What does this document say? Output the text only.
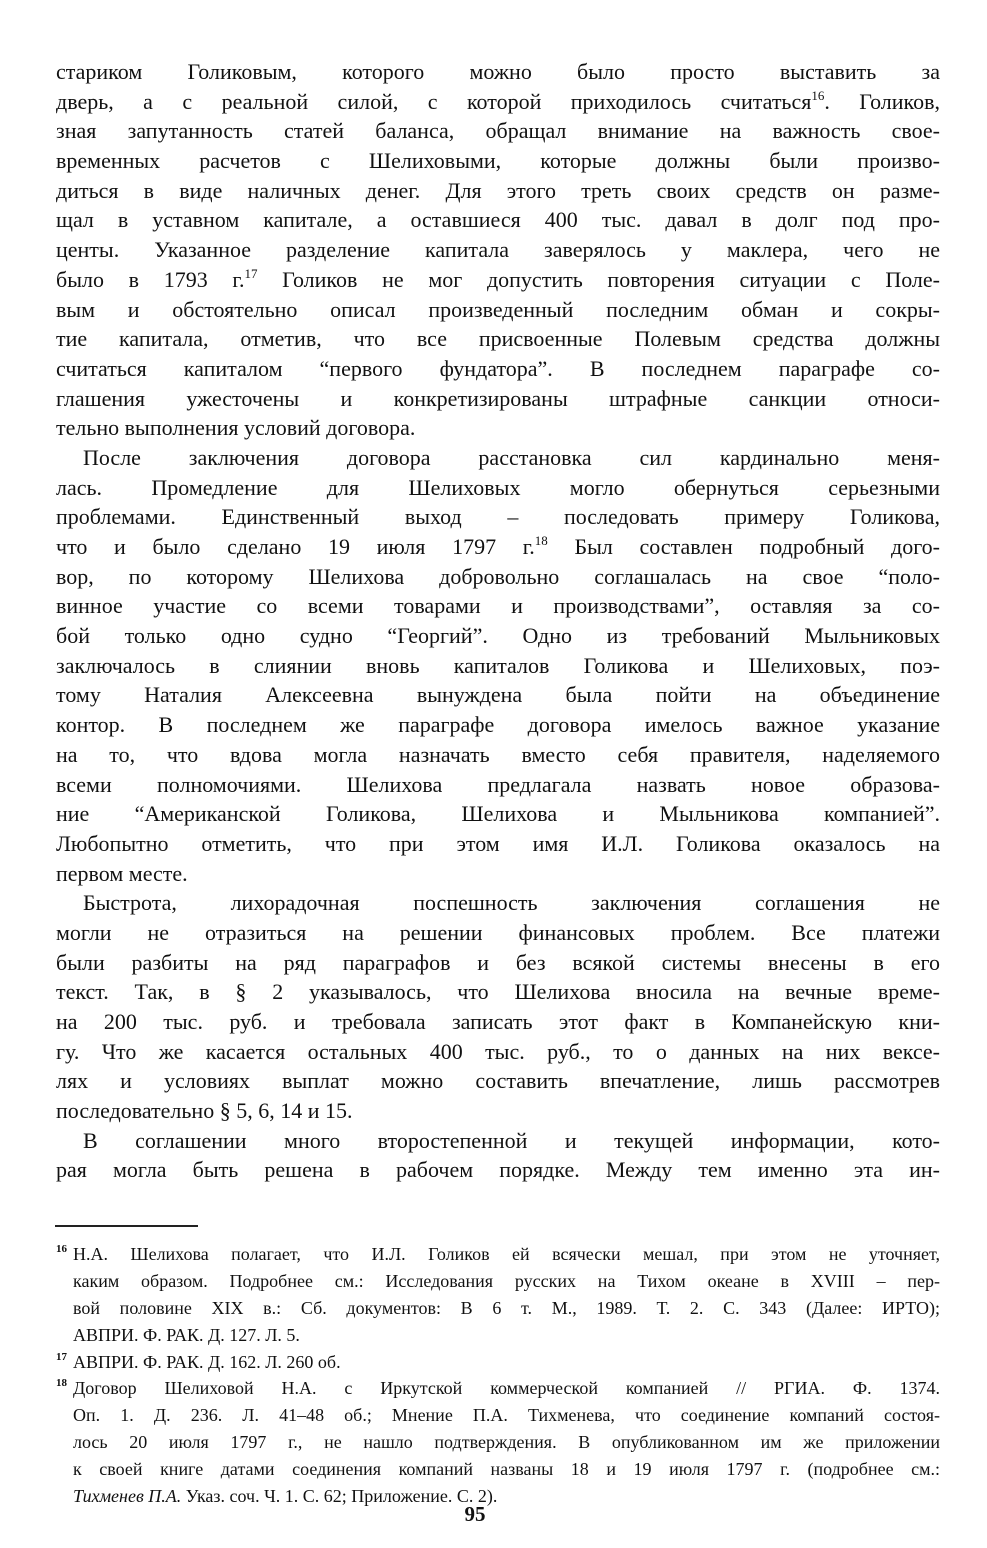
стариком Голиковым, которого можно было просто выставить за
дверь, а с реальной силой, с которой приходилось считаться$^{16}$. Голиков,
зная запутанность статей баланса, обращал внимание на важность свое-
временных расчетов с Шелиховыми, которые должны были произво-
диться в виде наличных денег. Для этого треть своих средств он разме-
щал в уставном капитале, а оставшиеся 400 тыс. давал в долг под про-
центы. Указанное разделение капитала заверялось у маклера, чего не
было в 1793 г.$^{17}$ Голиков не мог допустить повторения ситуации с Поле-
вым и обстоятельно описал произведенный последним обман и сокры-
тие капитала, отметив, что все присвоенные Полевым средства должны
считаться капиталом “первого фундатора”. В последнем параграфе со-
глашения ужесточены и конкретизированы штрафные санкции относи-
тельно выполнения условий договора.
После заключения договора расстановка сил кардинально меня-
лась. Промедление для Шелиховых могло обернуться серьезными
проблемами. Единственный выход – последовать примеру Голикова,
что и было сделано 19 июля 1797 г.$^{18}$ Был составлен подробный дого-
вор, по которому Шелихова добровольно соглашалась на свое “поло-
винное участие со всеми товарами и производствами”, оставляя за со-
бой только одно судно “Георгий”. Одно из требований Мыльниковых
заключалось в слиянии вновь капиталов Голикова и Шелиховых, поэ-
тому Наталия Алексеевна вынуждена была пойти на объединение
контор. В последнем же параграфе договора имелось важное указание
на то, что вдова могла назначать вместо себя правителя, наделяемого
всеми полномочиями. Шелихова предлагала назвать новое образова-
ние “Американской Голикова, Шелихова и Мыльникова компанией”.
Любопытно отметить, что при этом имя И.Л. Голикова оказалось на
первом месте.
Быстрота, лихорадочная поспешность заключения соглашения не
могли не отразиться на решении финансовых проблем. Все платежи
были разбиты на ряд параграфов и без всякой системы внесены в его
текст. Так, в § 2 указывалось, что Шелихова вносила на вечные време-
на 200 тыс. руб. и требовала записать этот факт в Компанейскую кни-
гу. Что же касается остальных 400 тыс. руб., то о данных на них вексе-
лях и условиях выплат можно составить впечатление, лишь рассмотрев
последовательно § 5, 6, 14 и 15.
В соглашении много второстепенной и текущей информации, кото-
рая могла быть решена в рабочем порядке. Между тем именно эта ин-
16 Н.А. Шелихова полагает, что И.Л. Голиков ей всячески мешал, при этом не уточняет,
каким образом. Подробнее см.: Исследования русских на Тихом океане в XVIII – пер-
вой половине XIX в.: Сб. документов: В 6 т. М., 1989. Т. 2. С. 343 (Далее: ИРТО);
АВПРИ. Ф. РАК. Д. 127. Л. 5.
17 АВПРИ. Ф. РАК. Д. 162. Л. 260 об.
18 Договор Шелиховой Н.А. с Иркутской коммерческой компанией // РГИА. Ф. 1374.
Оп. 1. Д. 236. Л. 41–48 об.; Мнение П.А. Тихменева, что соединение компаний состоя-
лось 20 июля 1797 г., не нашло подтверждения. В опубликованном им же приложении
к своей книге датами соединения компаний названы 18 и 19 июля 1797 г. (подробнее см.:
Тихменев П.А. Указ. соч. Ч. 1. С. 62; Приложение. С. 2).
95
